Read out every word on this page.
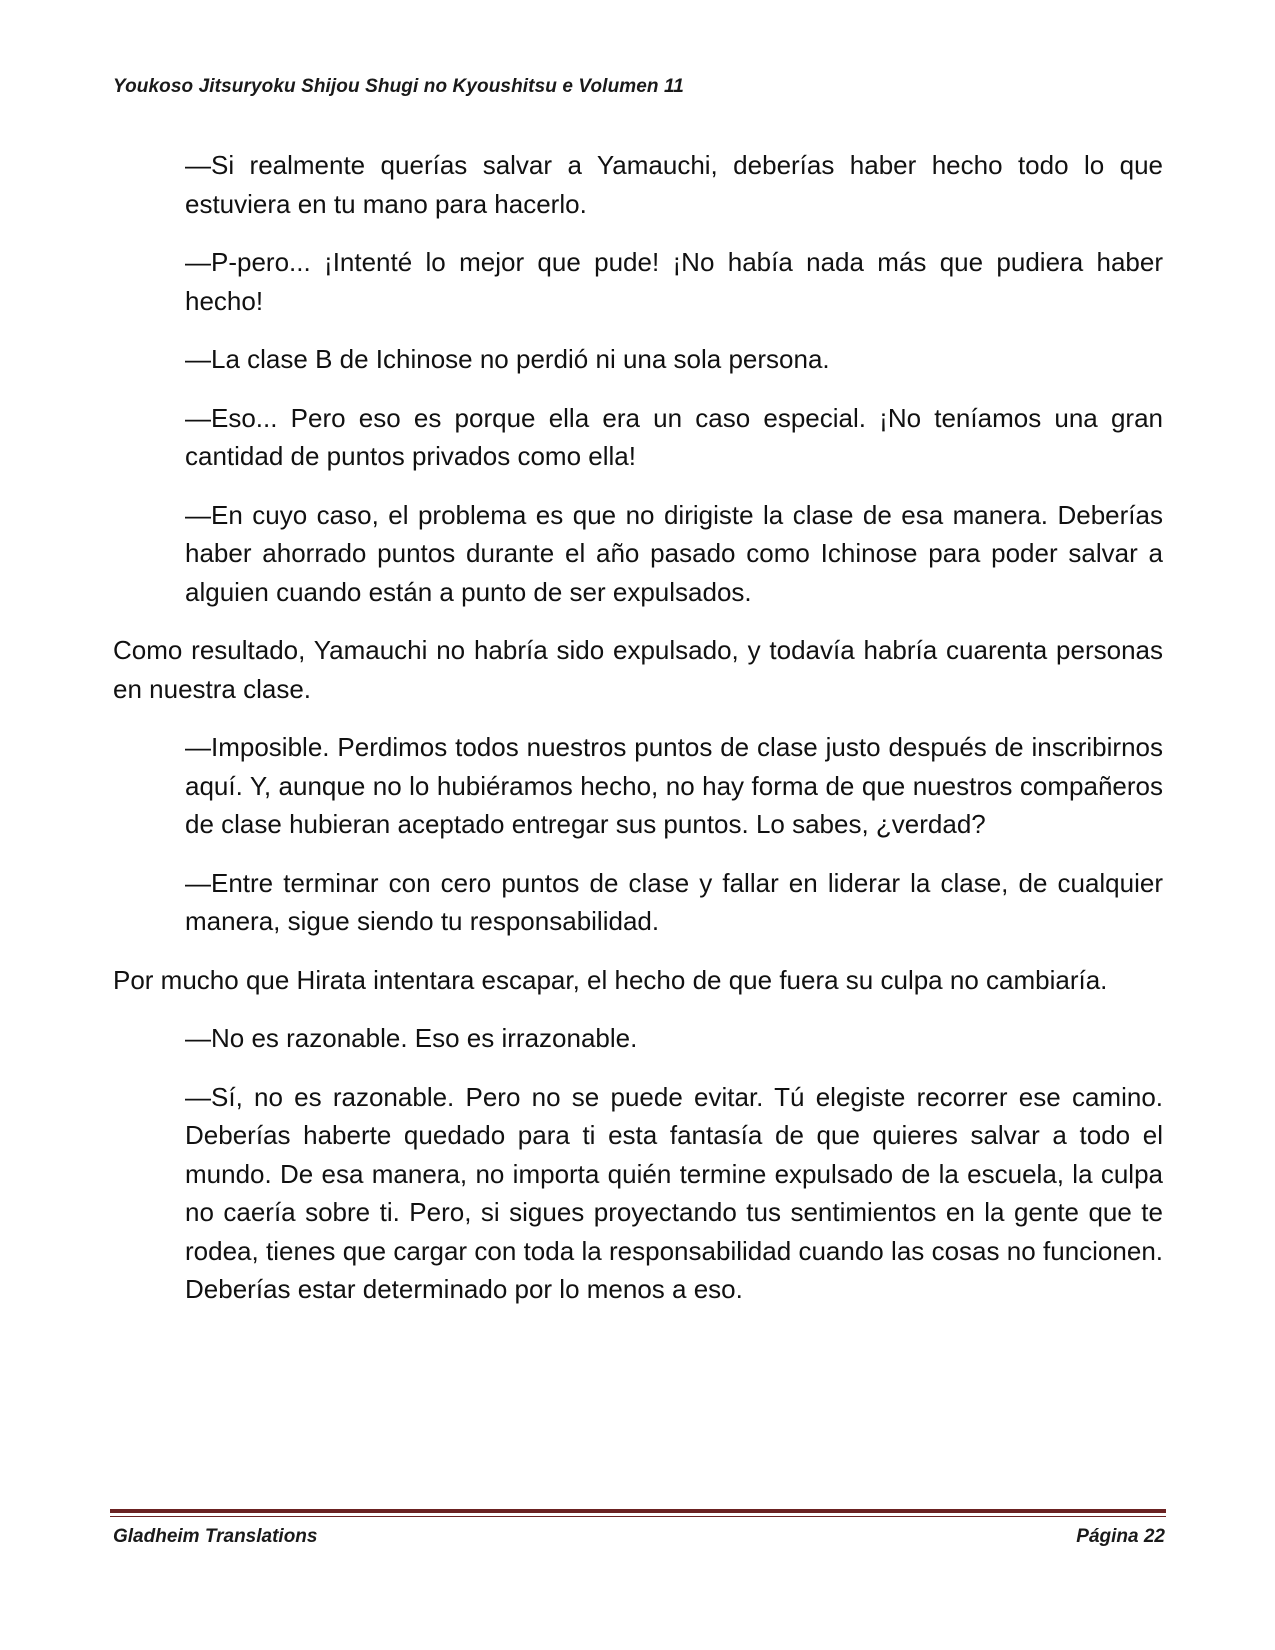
Youkoso Jitsuryoku Shijou Shugi no Kyoushitsu e Volumen 11

—Si realmente querías salvar a Yamauchi, deberías haber hecho todo lo que estuviera en tu mano para hacerlo.

—P-pero... ¡Intenté lo mejor que pude! ¡No había nada más que pudiera haber hecho!

—La clase B de Ichinose no perdió ni una sola persona.

—Eso... Pero eso es porque ella era un caso especial. ¡No teníamos una gran cantidad de puntos privados como ella!

—En cuyo caso, el problema es que no dirigiste la clase de esa manera. Deberías haber ahorrado puntos durante el año pasado como Ichinose para poder salvar a alguien cuando están a punto de ser expulsados.

Como resultado, Yamauchi no habría sido expulsado, y todavía habría cuarenta personas en nuestra clase.

—Imposible. Perdimos todos nuestros puntos de clase justo después de inscribirnos aquí. Y, aunque no lo hubiéramos hecho, no hay forma de que nuestros compañeros de clase hubieran aceptado entregar sus puntos. Lo sabes, ¿verdad?

—Entre terminar con cero puntos de clase y fallar en liderar la clase, de cualquier manera, sigue siendo tu responsabilidad.

Por mucho que Hirata intentara escapar, el hecho de que fuera su culpa no cambiaría.

—No es razonable. Eso es irrazonable.

—Sí, no es razonable. Pero no se puede evitar. Tú elegiste recorrer ese camino. Deberías haberte quedado para ti esta fantasía de que quieres salvar a todo el mundo. De esa manera, no importa quién termine expulsado de la escuela, la culpa no caería sobre ti. Pero, si sigues proyectando tus sentimientos en la gente que te rodea, tienes que cargar con toda la responsabilidad cuando las cosas no funcionen. Deberías estar determinado por lo menos a eso.

Gladheim Translations	Página 22
